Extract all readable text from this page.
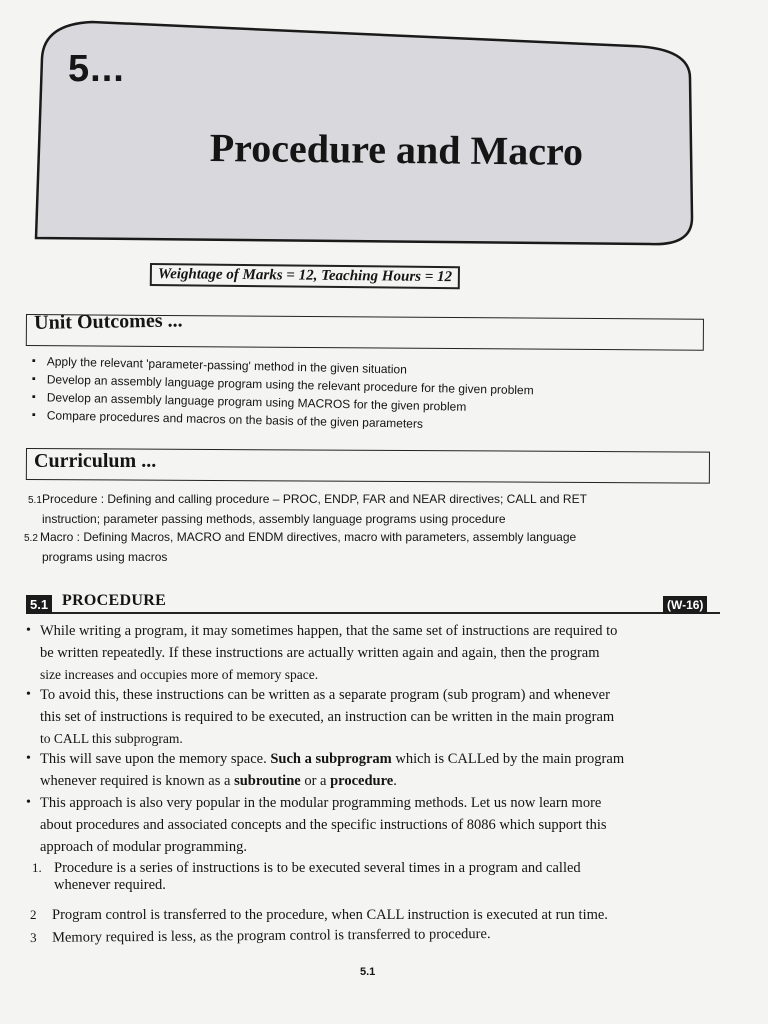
5...
Procedure and Macro
Weightage of Marks = 12, Teaching Hours = 12
Unit Outcomes ...
▪ Apply the relevant 'parameter-passing' method in the given situation
▪ Develop an assembly language program using the relevant procedure for the given problem
▪ Develop an assembly language program using MACROS for the given problem
▪ Compare procedures and macros on the basis of the given parameters
Curriculum ...
5.1Procedure : Defining and calling procedure – PROC, ENDP, FAR and NEAR directives; CALL and RET
instruction; parameter passing methods, assembly language programs using procedure
5.2 Macro : Defining Macros, MACRO and ENDM directives, macro with parameters, assembly language
programs using macros
5.1 PROCEDURE	(W-16)
• While writing a program, it may sometimes happen, that the same set of instructions are required to
be written repeatedly. If these instructions are actually written again and again, then the program
size increases and occupies more of memory space.
• To avoid this, these instructions can be written as a separate program (sub program) and whenever
this set of instructions is required to be executed, an instruction can be written in the main program
to CALL this subprogram.
• This will save upon the memory space. Such a subprogram which is CALLed by the main program
whenever required is known as a subroutine or a procedure.
• This approach is also very popular in the modular programming methods. Let us now learn more
about procedures and associated concepts and the specific instructions of 8086 which support this
approach of modular programming.
1. Procedure is a series of instructions is to be executed several times in a program and called
whenever required.
2 Program control is transferred to the procedure, when CALL instruction is executed at run time.
3 Memory required is less, as the program control is transferred to procedure.
5.1
